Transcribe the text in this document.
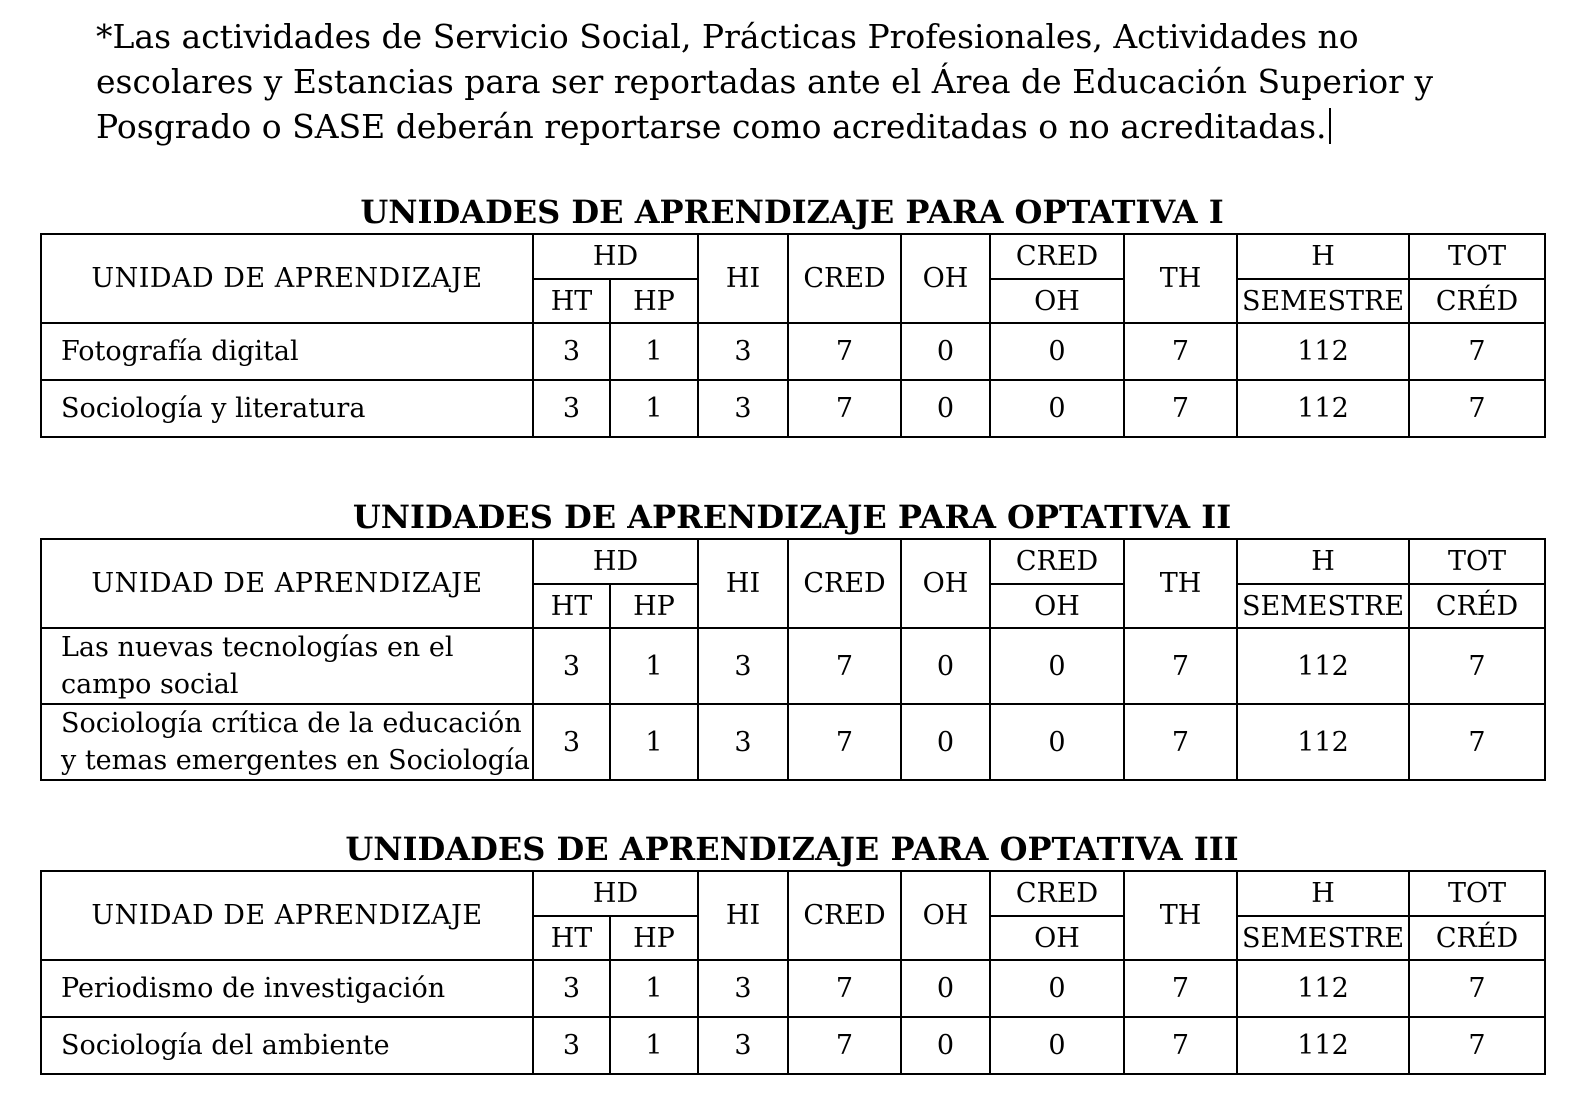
*Las actividades de Servicio Social, Prácticas Profesionales, Actividades no escolares y Estancias para ser reportadas ante el Área de Educación Superior y Posgrado o SASE deberán reportarse como acreditadas o no acreditadas.

UNIDADES DE APRENDIZAJE PARA OPTATIVA I
UNIDAD DE APRENDIZAJE	HD		HI	CRED	OH	CRED	TH	H	TOT
	HT	HP				OH		SEMESTRE	CRÉD
Fotografía digital	3	1	3	7	0	0	7	112	7
Sociología y literatura	3	1	3	7	0	0	7	112	7
UNIDADES DE APRENDIZAJE PARA OPTATIVA II
UNIDAD DE APRENDIZAJE	HD		HI	CRED	OH	CRED	TH	H	TOT
	HT	HP				OH		SEMESTRE	CRÉD
Las nuevas tecnologías en el campo social	3	1	3	7	0	0	7	112	7
Sociología crítica de la educación y temas emergentes en Sociología	3	1	3	7	0	0	7	112	7
UNIDADES DE APRENDIZAJE PARA OPTATIVA III
UNIDAD DE APRENDIZAJE	HD		HI	CRED	OH	CRED	TH	H	TOT
	HT	HP				OH		SEMESTRE	CRÉD
Periodismo de investigación	3	1	3	7	0	0	7	112	7
Sociología del ambiente	3	1	3	7	0	0	7	112	7
